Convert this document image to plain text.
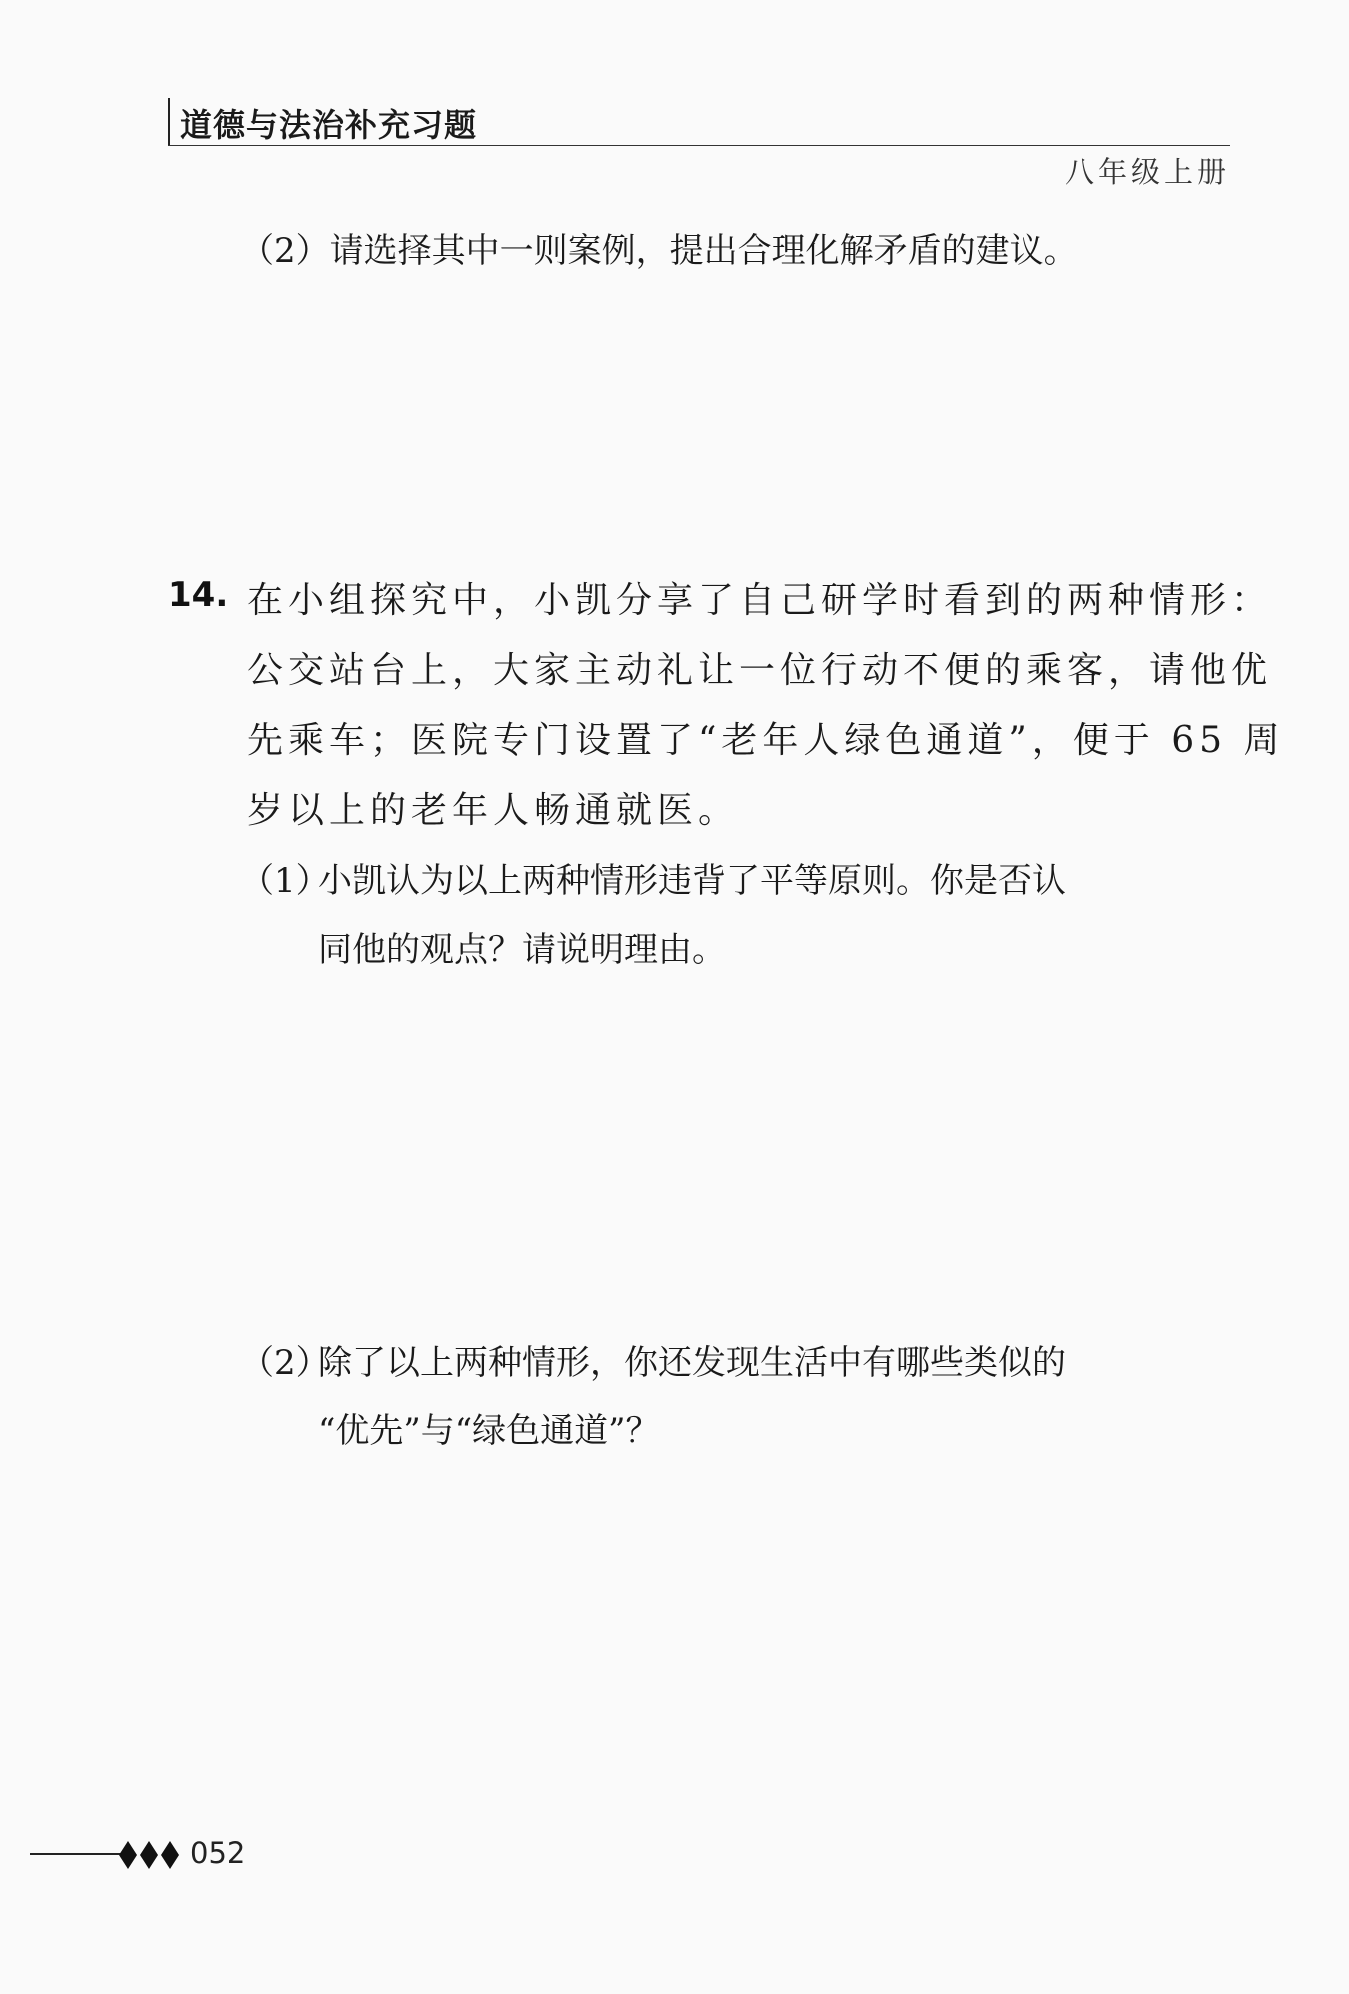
道德与法治补充习题
八年级上册
（2）请选择其中一则案例，提出合理化解矛盾的建议。
14. 在小组探究中，小凯分享了自己研学时看到的两种情形：
公交站台上，大家主动礼让一位行动不便的乘客，请他优
先乘车；医院专门设置了“老年人绿色通道”，便于 65 周
岁以上的老年人畅通就医。
（1）
小凯认为以上两种情形违背了平等原则。你是否认
同他的观点？请说明理由。
（2）
除了以上两种情形，你还发现生活中有哪些类似的
“优先”与“绿色通道”？
052
